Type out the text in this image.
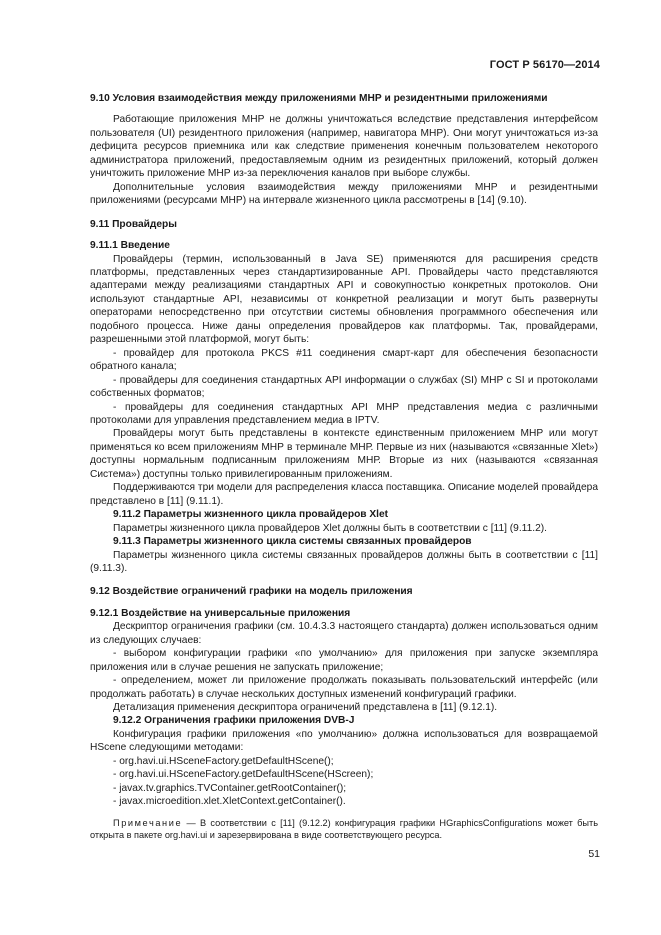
ГОСТ Р 56170—2014

9.10 Условия взаимодействия между приложениями МНР и резидентными приложениями

Работающие приложения МНР не должны уничтожаться вследствие представления интерфейсом пользователя (UI) резидентного приложения (например, навигатора МНР). Они могут уничтожаться из-за дефицита ресурсов приемника или как следствие применения конечным пользователем некоторого администратора приложений, предоставляемым одним из резидентных приложений, который должен уничтожить приложение МНР из-за переключения каналов при выборе службы.

Дополнительные условия взаимодействия между приложениями МНР и резидентными приложениями (ресурсами МНР) на интервале жизненного цикла рассмотрены в [14] (9.10).

9.11 Провайдеры

9.11.1 Введение

Провайдеры (термин, использованный в Java SE) применяются для расширения средств платформы, представленных через стандартизированные API. Провайдеры часто представляются адаптерами между реализациями стандартных API и совокупностью конкретных протоколов. Они используют стандартные API, независимы от конкретной реализации и могут быть развернуты операторами непосредственно при отсутствии системы обновления программного обеспечения или подобного процесса. Ниже даны определения провайдеров как платформы. Так, провайдерами, разрешенными этой платформой, могут быть:

- провайдер для протокола PKCS #11 соединения смарт-карт для обеспечения безопасности обратного канала;

- провайдеры для соединения стандартных API информации о службах (SI) МНР с SI и протоколами собственных форматов;

- провайдеры для соединения стандартных API МНР представления медиа с различными протоколами для управления представлением медиа в IPTV.

Провайдеры могут быть представлены в контексте единственным приложением МНР или могут применяться ко всем приложениям МНР в терминале МНР. Первые из них (называются «связанные Xlet») доступны нормальным подписанным приложениям МНР. Вторые из них (называются «связанная Система») доступны только привилегированным приложениям.

Поддерживаются три модели для распределения класса поставщика. Описание моделей провайдера представлено в [11] (9.11.1).

9.11.2 Параметры жизненного цикла провайдеров Xlet

Параметры жизненного цикла провайдеров Xlet должны быть в соответствии с [11] (9.11.2).

9.11.3 Параметры жизненного цикла системы связанных провайдеров

Параметры жизненного цикла системы связанных провайдеров должны быть в соответствии с [11] (9.11.3).

9.12 Воздействие ограничений графики на модель приложения

9.12.1 Воздействие на универсальные приложения

Дескриптор ограничения графики (см. 10.4.3.3 настоящего стандарта) должен использоваться одним из следующих случаев:

- выбором конфигурации графики «по умолчанию» для приложения при запуске экземпляра приложения или в случае решения не запускать приложение;

- определением, может ли приложение продолжать показывать пользовательский интерфейс (или продолжать работать) в случае нескольких доступных изменений конфигураций графики.

Детализация применения дескриптора ограничений представлена в [11] (9.12.1).

9.12.2 Ограничения графики приложения DVB-J

Конфигурация графики приложения «по умолчанию» должна использоваться для возвращаемой HScene следующими методами:

- org.havi.ui.HSceneFactory.getDefaultHScene();

- org.havi.ui.HSceneFactory.getDefaultHScene(HScreen);

- javax.tv.graphics.TVContainer.getRootContainer();

- javax.microedition.xlet.XletContext.getContainer().

Примечание — В соответствии с [11] (9.12.2) конфигурация графики HGraphicsConfigurations может быть открыта в пакете org.havi.ui и зарезервирована в виде соответствующего ресурса.

51
